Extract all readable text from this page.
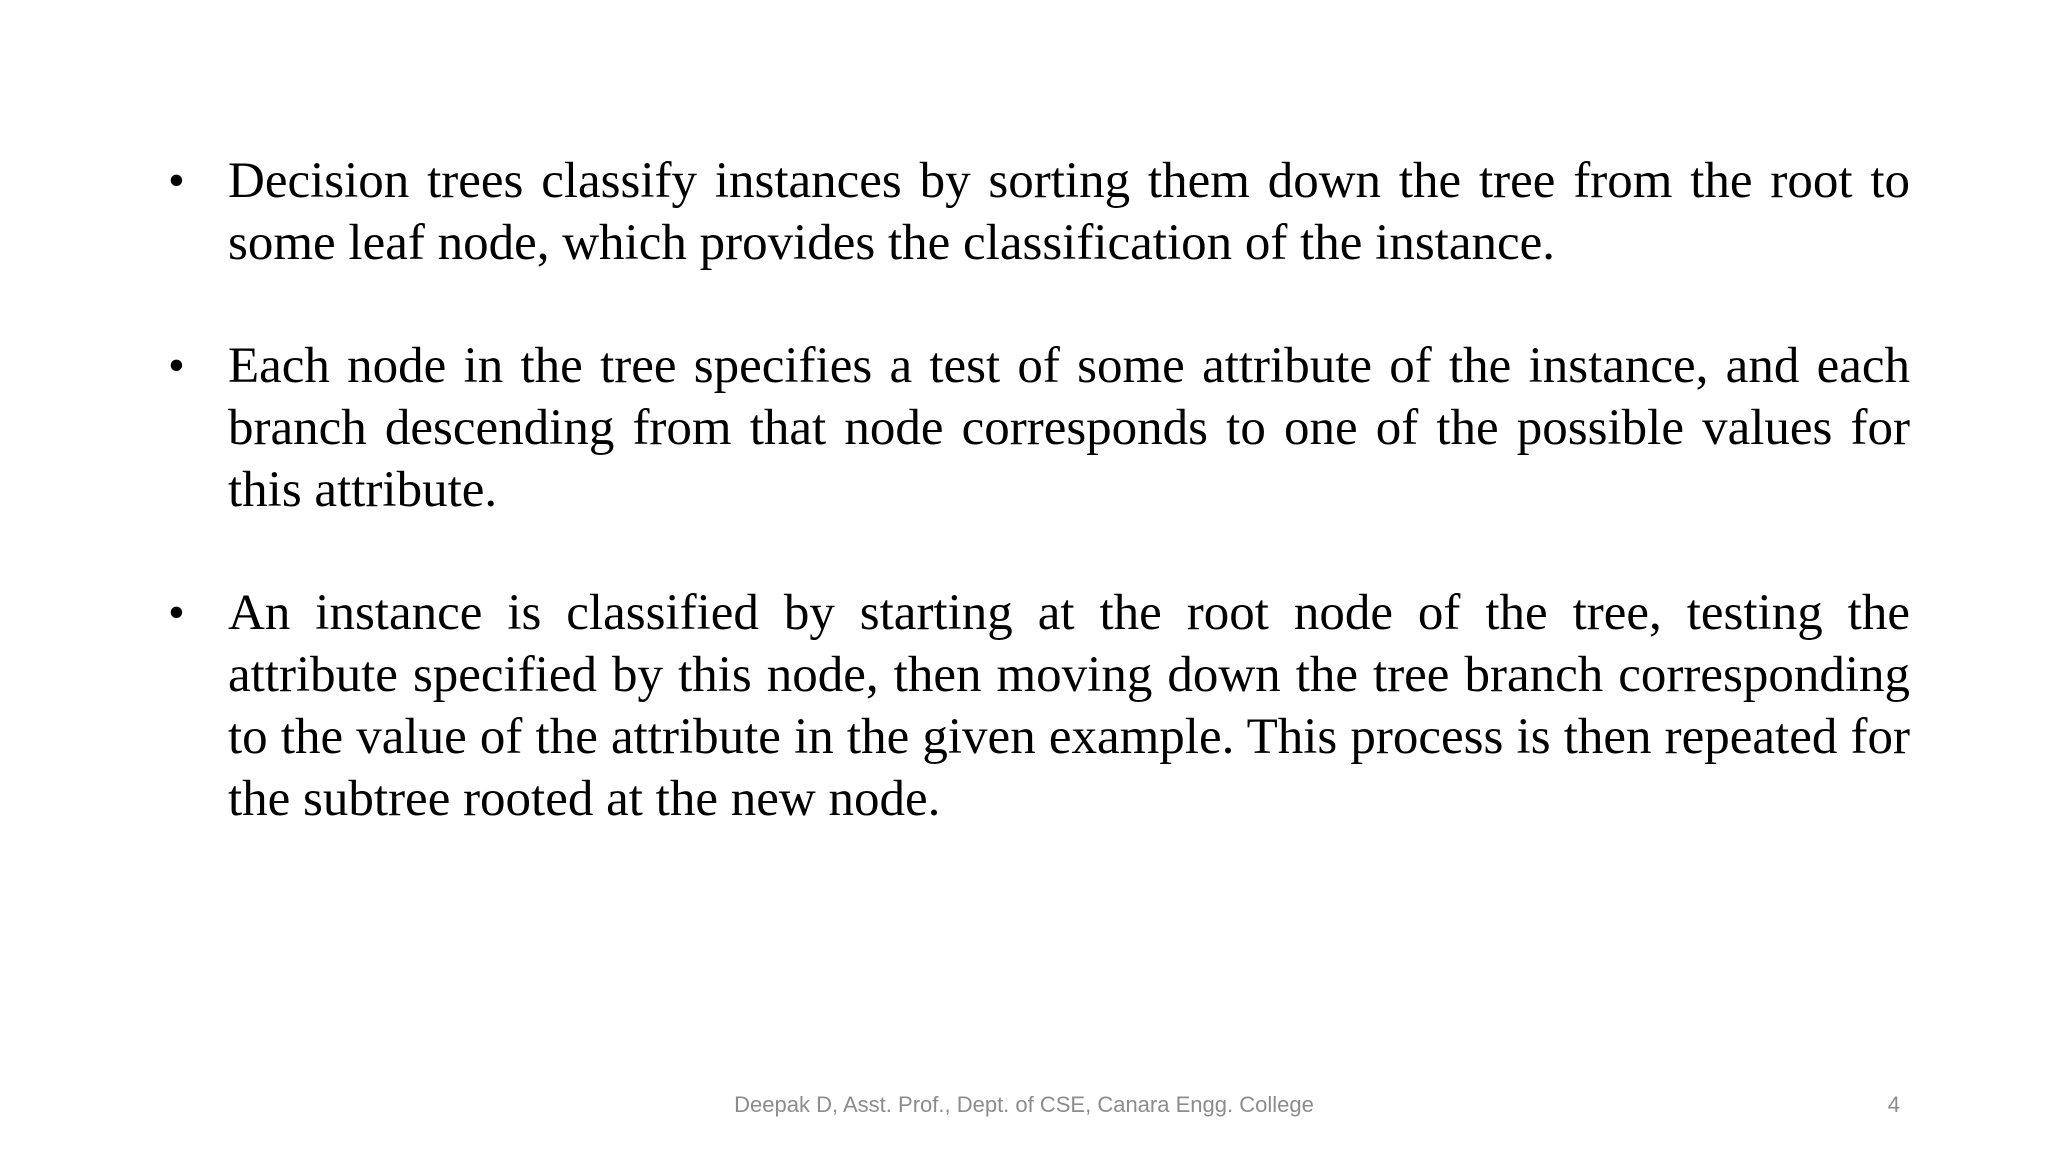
• Decision trees classify instances by sorting them down the tree from the root to some leaf node, which provides the classification of the instance.

• Each node in the tree specifies a test of some attribute of the instance, and each branch descending from that node corresponds to one of the possible values for this attribute.

• An instance is classified by starting at the root node of the tree, testing the attribute specified by this node, then moving down the tree branch corresponding to the value of the attribute in the given example. This process is then repeated for the subtree rooted at the new node.

Deepak D, Asst. Prof., Dept. of CSE, Canara Engg. College	4
